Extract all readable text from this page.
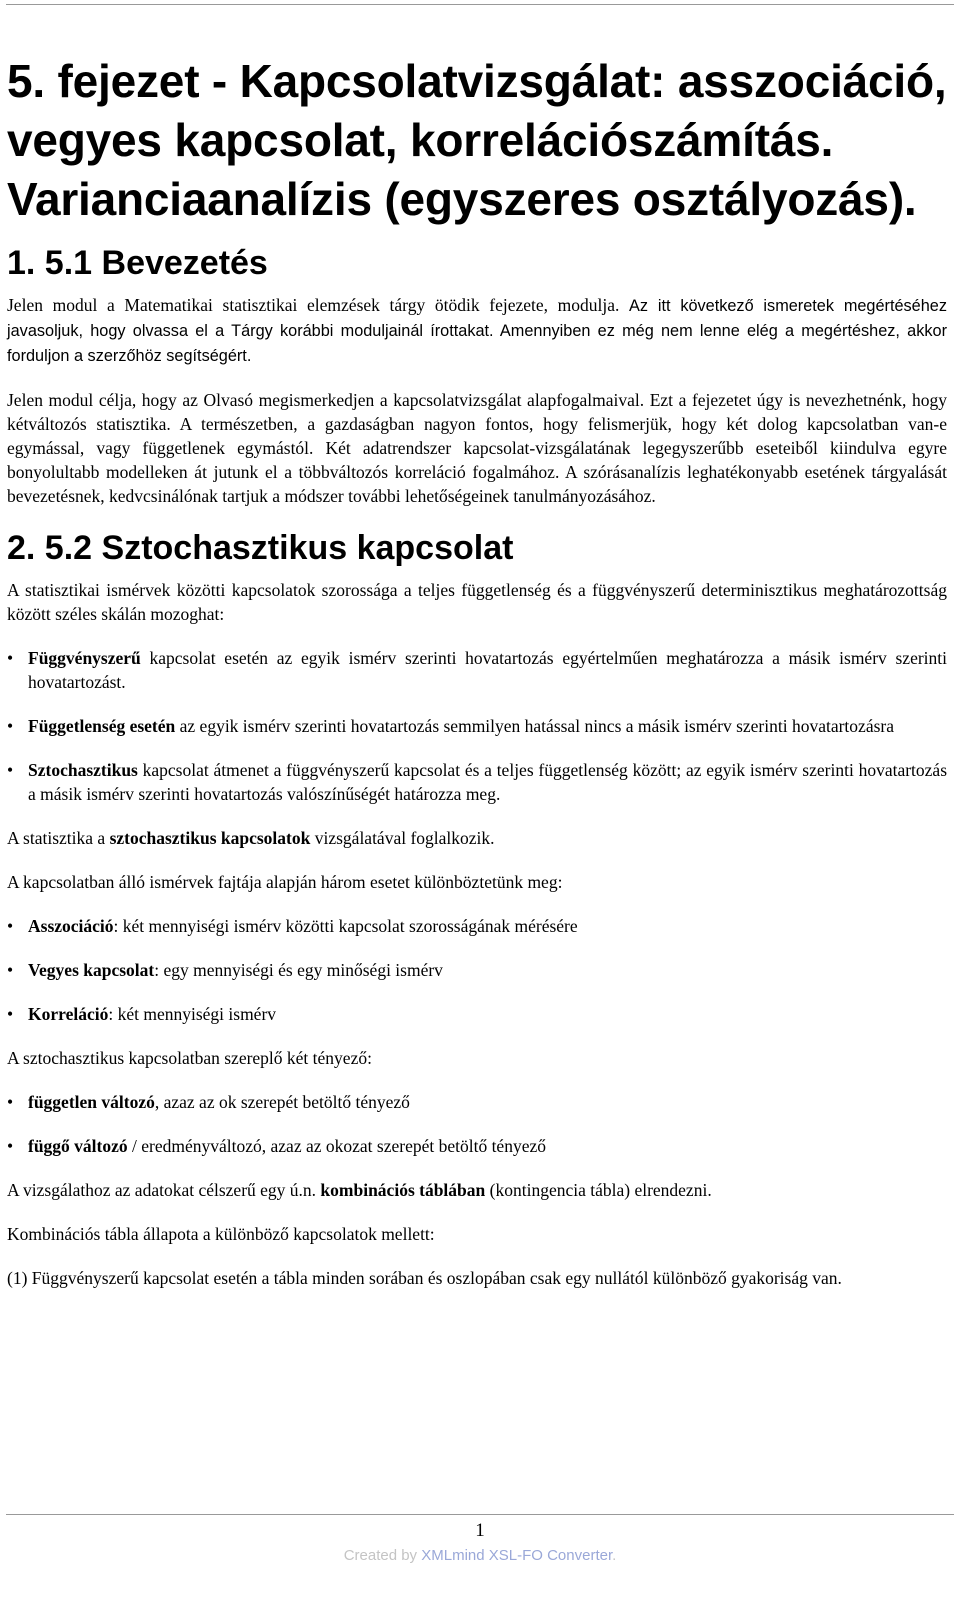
5. fejezet - Kapcsolatvizsgálat: asszociáció, vegyes kapcsolat, korrelációszámítás. Varianciaanalízis (egyszeres osztályozás).
1. 5.1 Bevezetés

Jelen modul a Matematikai statisztikai elemzések tárgy ötödik fejezete, modulja. Az itt következő ismeretek megértéséhez javasoljuk, hogy olvassa el a Tárgy korábbi moduljainál írottakat. Amennyiben ez még nem lenne elég a megértéshez, akkor forduljon a szerzőhöz segítségért.

Jelen modul célja, hogy az Olvasó megismerkedjen a kapcsolatvizsgálat alapfogalmaival. Ezt a fejezetet úgy is nevezhetnénk, hogy kétváltozós statisztika. A természetben, a gazdaságban nagyon fontos, hogy felismerjük, hogy két dolog kapcsolatban van-e egymással, vagy függetlenek egymástól. Két adatrendszer kapcsolat-vizsgálatának legegyszerűbb eseteiből kiindulva egyre bonyolultabb modelleken át jutunk el a többváltozós korreláció fogalmához. A szórásanalízis leghatékonyabb esetének tárgyalását bevezetésnek, kedvcsinálónak tartjuk a módszer további lehetőségeinek tanulmányozásához.

2. 5.2 Sztochasztikus kapcsolat

A statisztikai ismérvek közötti kapcsolatok szorossága a teljes függetlenség és a függvényszerű determinisztikus meghatározottság között széles skálán mozoghat:

• Függvényszerű kapcsolat esetén az egyik ismérv szerinti hovatartozás egyértelműen meghatározza a másik ismérv szerinti hovatartozást.
• Függetlenség esetén az egyik ismérv szerinti hovatartozás semmilyen hatással nincs a másik ismérv szerinti hovatartozásra
• Sztochasztikus kapcsolat átmenet a függvényszerű kapcsolat és a teljes függetlenség között; az egyik ismérv szerinti hovatartozás a másik ismérv szerinti hovatartozás valószínűségét határozza meg.

A statisztika a sztochasztikus kapcsolatok vizsgálatával foglalkozik.

A kapcsolatban álló ismérvek fajtája alapján három esetet különböztetünk meg:

• Asszociáció: két mennyiségi ismérv közötti kapcsolat szorosságának mérésére
• Vegyes kapcsolat: egy mennyiségi és egy minőségi ismérv
• Korreláció: két mennyiségi ismérv

A sztochasztikus kapcsolatban szereplő két tényező:

• független változó, azaz az ok szerepét betöltő tényező
• függő változó / eredményváltozó, azaz az okozat szerepét betöltő tényező

A vizsgálathoz az adatokat célszerű egy ú.n. kombinációs táblában (kontingencia tábla) elrendezni.

Kombinációs tábla állapota a különböző kapcsolatok mellett:

(1) Függvényszerű kapcsolat esetén a tábla minden sorában és oszlopában csak egy nullától különböző gyakoriság van.

1
Created by XMLmind XSL-FO Converter.
